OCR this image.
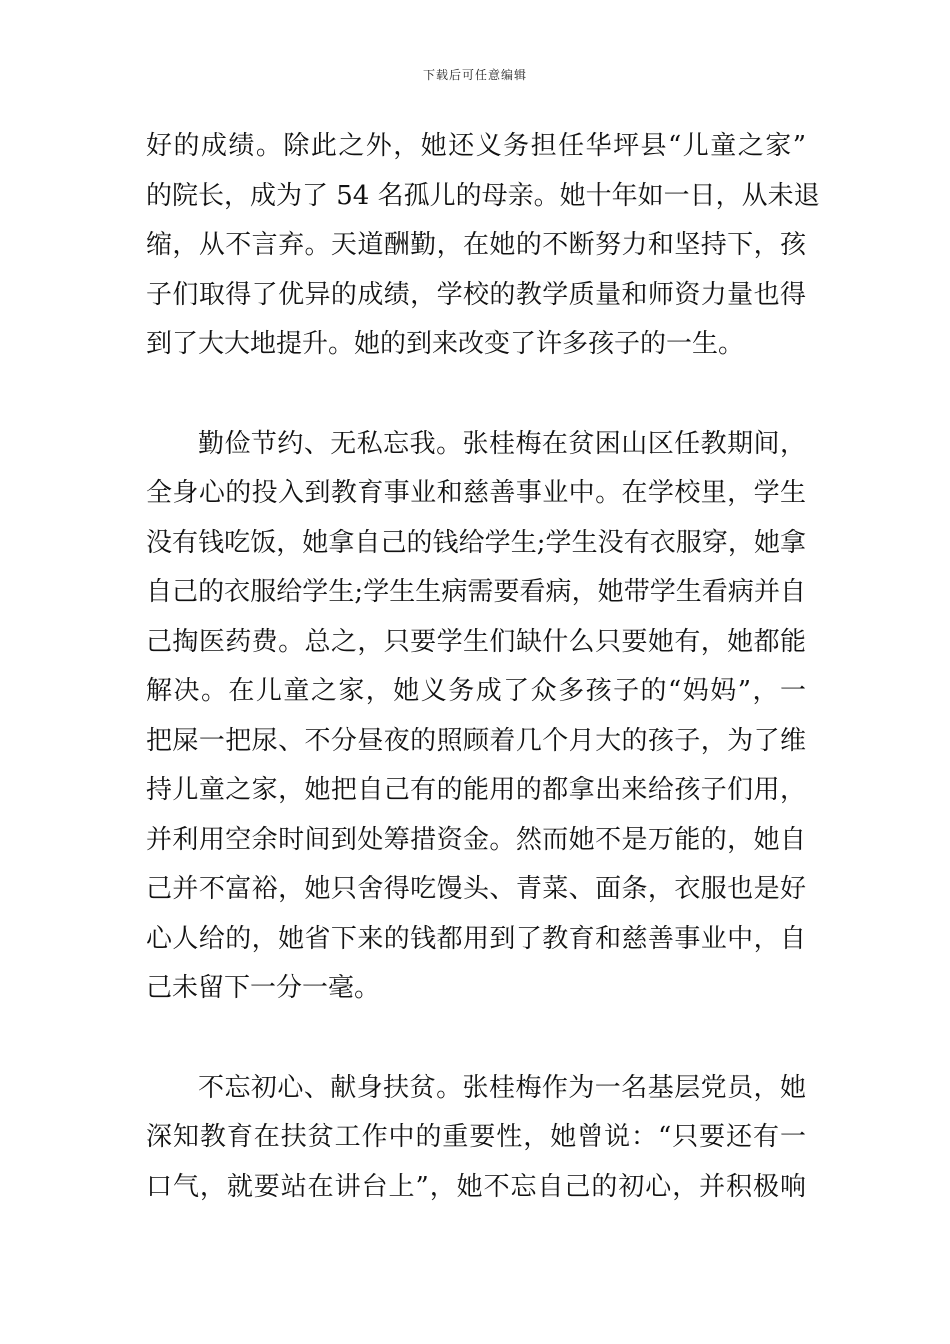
下载后可任意编辑
好的成绩。除此之外，她还义务担任华坪县“儿童之家”
的院长，成为了 54 名孤儿的母亲。她十年如一日，从未退
缩，从不言弃。天道酬勤，在她的不断努力和坚持下，孩
子们取得了优异的成绩，学校的教学质量和师资力量也得
到了大大地提升。她的到来改变了许多孩子的一生。
勤俭节约、无私忘我。张桂梅在贫困山区任教期间，
全身心的投入到教育事业和慈善事业中。在学校里，学生
没有钱吃饭，她拿自己的钱给学生;学生没有衣服穿，她拿
自己的衣服给学生;学生生病需要看病，她带学生看病并自
己掏医药费。总之，只要学生们缺什么只要她有，她都能
解决。在儿童之家，她义务成了众多孩子的“妈妈”，一
把屎一把尿、不分昼夜的照顾着几个月大的孩子，为了维
持儿童之家，她把自己有的能用的都拿出来给孩子们用，
并利用空余时间到处筹措资金。然而她不是万能的，她自
己并不富裕，她只舍得吃馒头、青菜、面条，衣服也是好
心人给的，她省下来的钱都用到了教育和慈善事业中，自
己未留下一分一毫。
不忘初心、献身扶贫。张桂梅作为一名基层党员，她
深知教育在扶贫工作中的重要性，她曾说：“只要还有一
口气，就要站在讲台上”，她不忘自己的初心，并积极响
